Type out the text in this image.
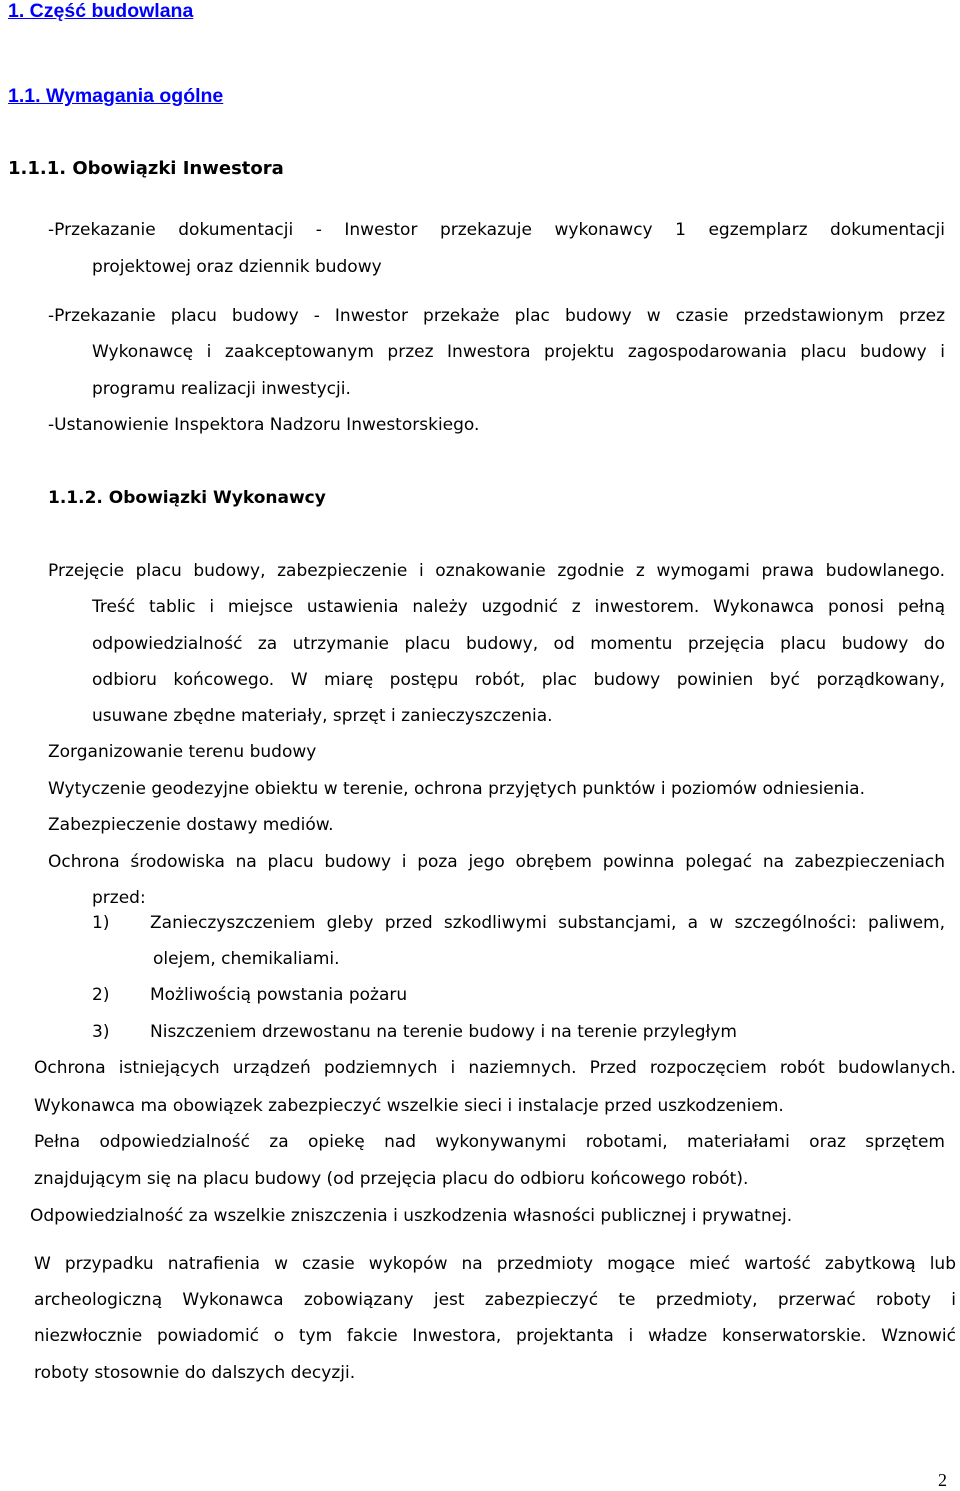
1. Część budowlana
1.1. Wymagania ogólne
1.1.1. Obowiązki Inwestora
-Przekazanie dokumentacji - Inwestor przekazuje wykonawcy 1 egzemplarz dokumentacji
projektowej oraz dziennik budowy
-Przekazanie placu budowy - Inwestor przekaże plac budowy w czasie przedstawionym przez
Wykonawcę i zaakceptowanym przez Inwestora projektu zagospodarowania placu budowy i
programu realizacji inwestycji.
-Ustanowienie Inspektora Nadzoru Inwestorskiego.
1.1.2. Obowiązki Wykonawcy
Przejęcie placu budowy, zabezpieczenie i oznakowanie zgodnie z wymogami prawa budowlanego.
Treść tablic i miejsce ustawienia należy uzgodnić z inwestorem. Wykonawca ponosi pełną
odpowiedzialność za utrzymanie placu budowy, od momentu przejęcia placu budowy do
odbioru końcowego. W miarę postępu robót, plac budowy powinien być porządkowany,
usuwane zbędne materiały, sprzęt i zanieczyszczenia.
Zorganizowanie terenu budowy
Wytyczenie geodezyjne obiektu w terenie, ochrona przyjętych punktów i poziomów odniesienia.
Zabezpieczenie dostawy mediów.
Ochrona środowiska na placu budowy i poza jego obrębem powinna polegać na zabezpieczeniach
przed:
1) Zanieczyszczeniem gleby przed szkodliwymi substancjami, a w szczególności: paliwem,
olejem, chemikaliami.
2) Możliwością powstania pożaru
3) Niszczeniem drzewostanu na terenie budowy i na terenie przyległym
Ochrona istniejących urządzeń podziemnych i naziemnych. Przed rozpoczęciem robót budowlanych.
Wykonawca ma obowiązek zabezpieczyć wszelkie sieci i instalacje przed uszkodzeniem.
Pełna odpowiedzialność za opiekę nad wykonywanymi robotami, materiałami oraz sprzętem
znajdującym się na placu budowy (od przejęcia placu do odbioru końcowego robót).
Odpowiedzialność za wszelkie zniszczenia i uszkodzenia własności publicznej i prywatnej.
W przypadku natrafienia w czasie wykopów na przedmioty mogące mieć wartość zabytkową lub
archeologiczną Wykonawca zobowiązany jest zabezpieczyć te przedmioty, przerwać roboty i
niezwłocznie powiadomić o tym fakcie Inwestora, projektanta i władze konserwatorskie. Wznowić
roboty stosownie do dalszych decyzji.
2
